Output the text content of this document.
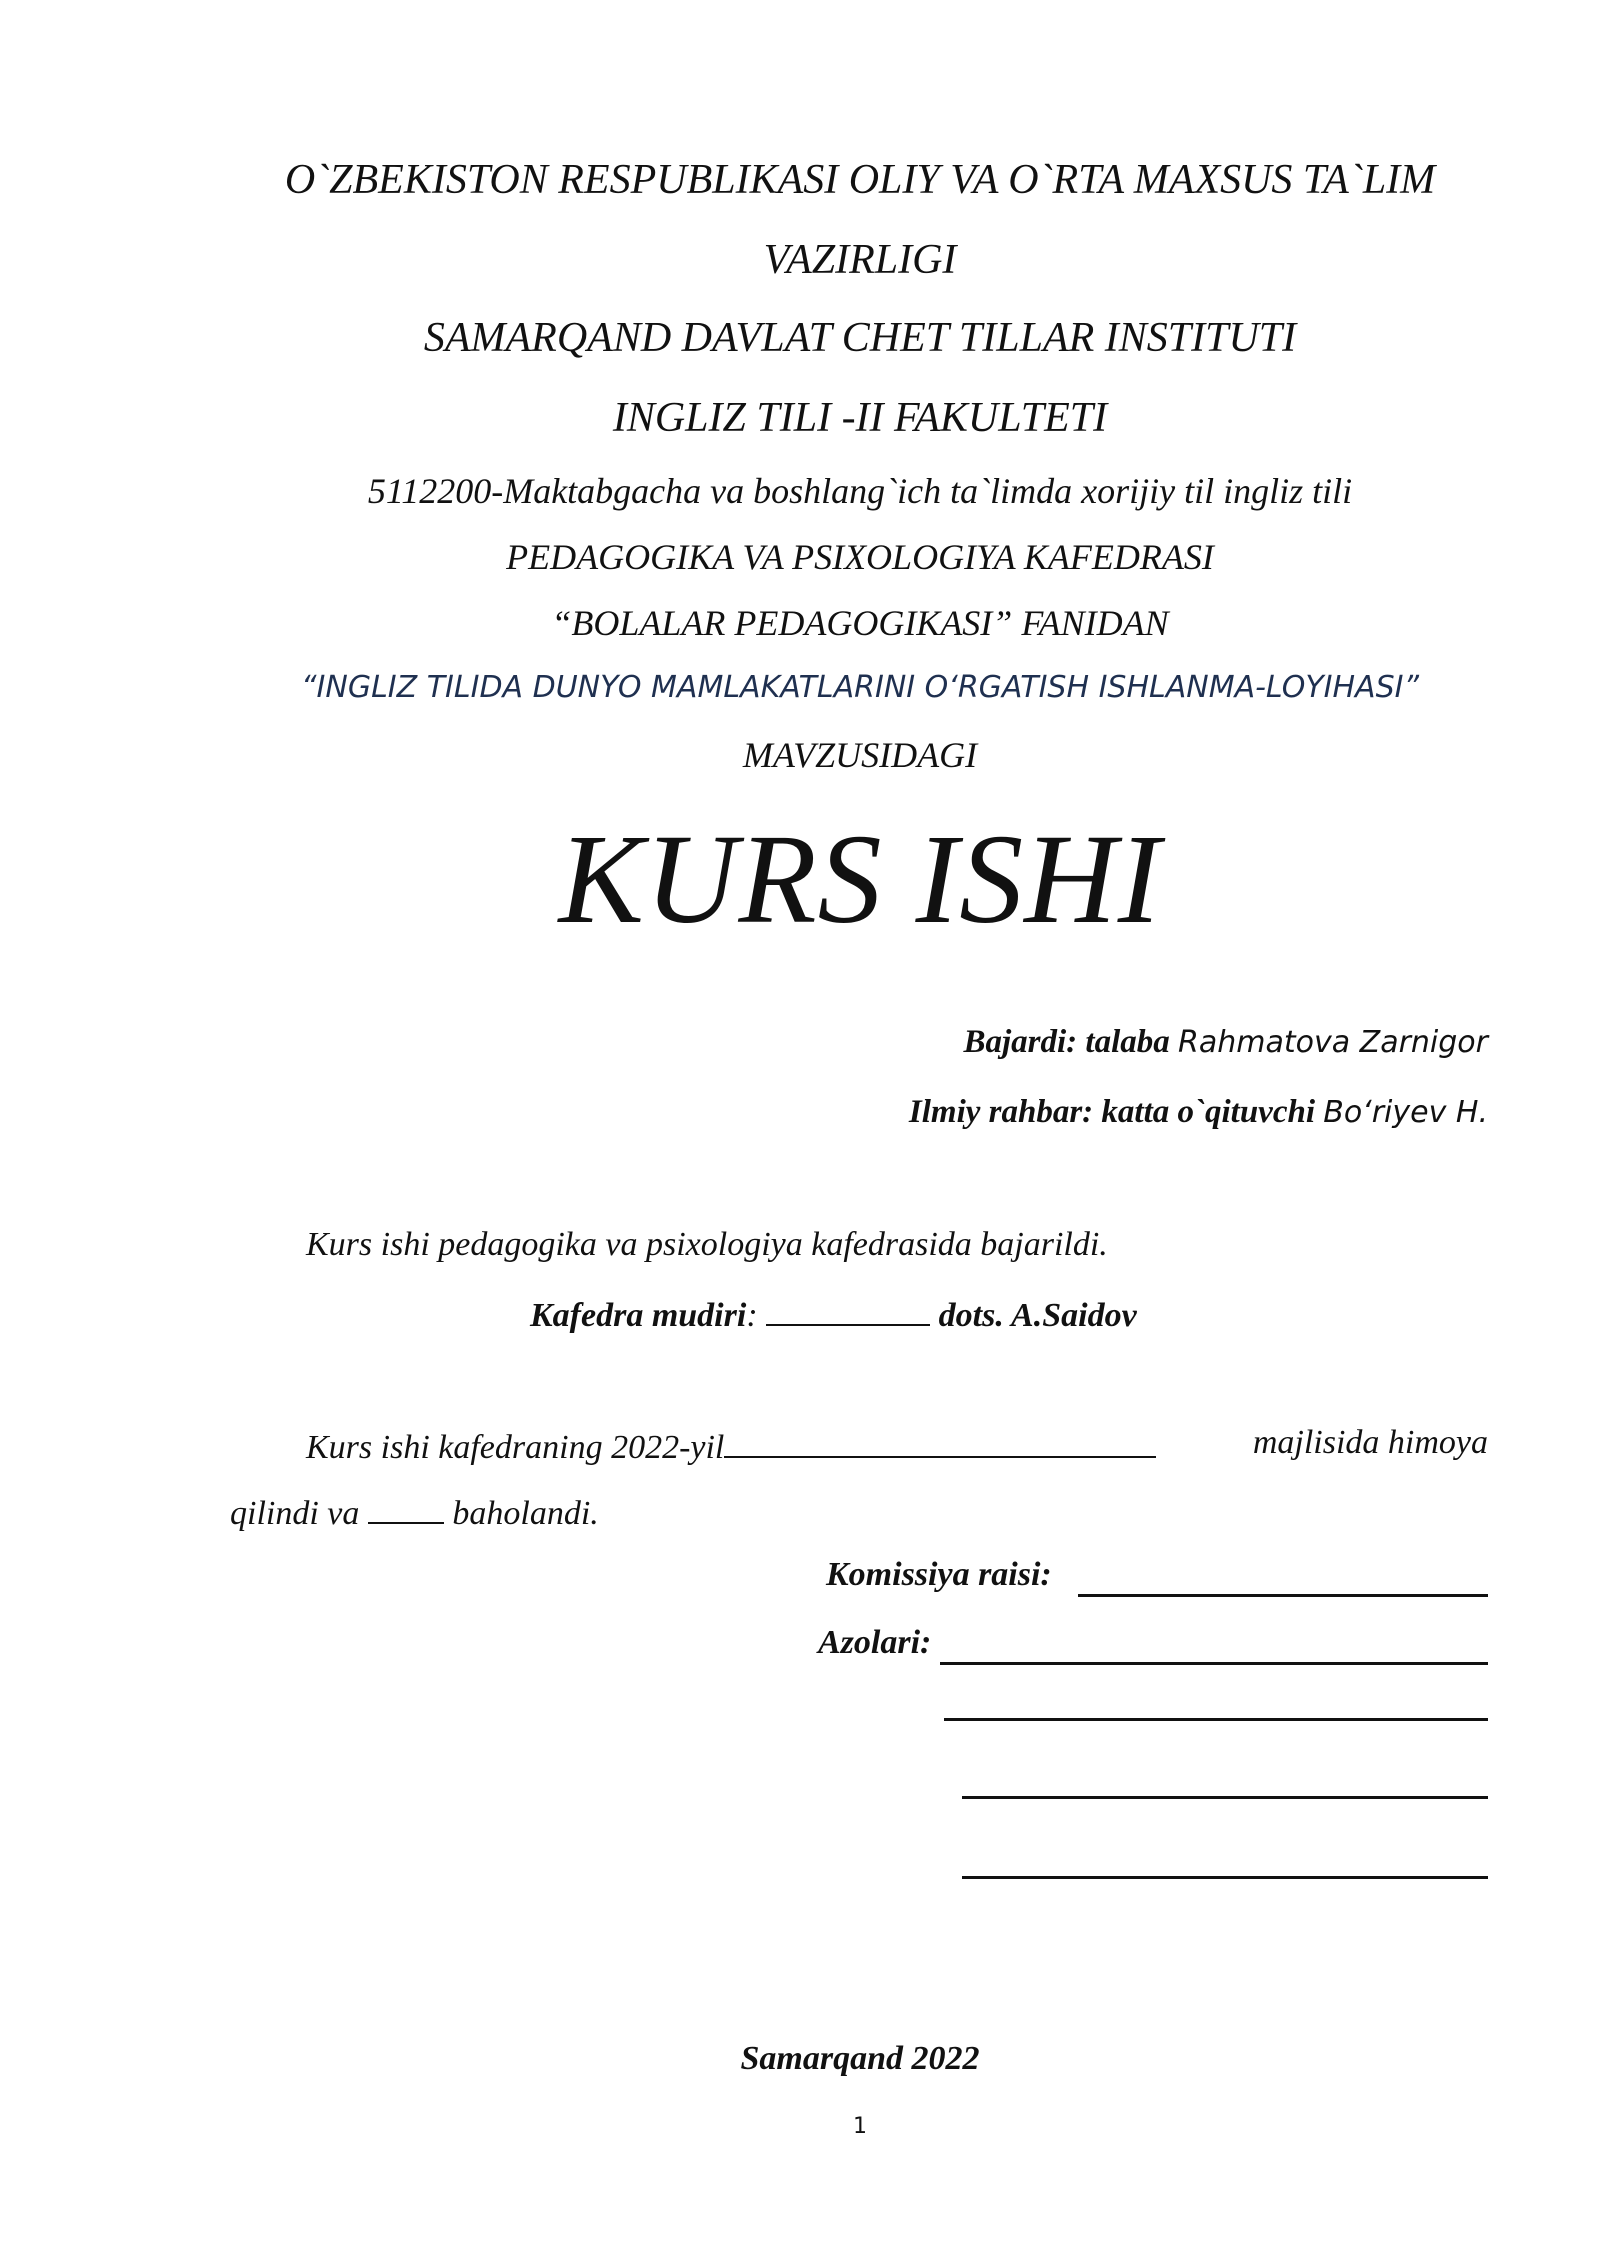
O`ZBEKISTON RESPUBLIKASI OLIY VA O`RTA MAXSUS TA`LIM
VAZIRLIGI
SAMARQAND DAVLAT CHET TILLAR INSTITUTI
INGLIZ TILI -II FAKULTETI
5112200-Maktabgacha va boshlang`ich ta`limda xorijiy til ingliz tili
PEDAGOGIKA VA PSIXOLOGIYA KAFEDRASI
“BOLALAR PEDAGOGIKASI” FANIDAN
“INGLIZ TILIDA DUNYO MAMLAKATLARINI O‘RGATISH ISHLANMA-LOYIHASI”
MAVZUSIDAGI
KURS ISHI
Bajardi: talaba Rahmatova Zarnigor
Ilmiy rahbar: katta o`qituvchi Bo‘riyev H.
Kurs ishi pedagogika va psixologiya kafedrasida bajarildi.
Kafedra mudiri:	dots. A.Saidov
Kurs ishi kafedraning 2022-yil	majlisida himoya
qilindi va	baholandi.
Komissiya raisi:
Azolari:
Samarqand 2022
1
